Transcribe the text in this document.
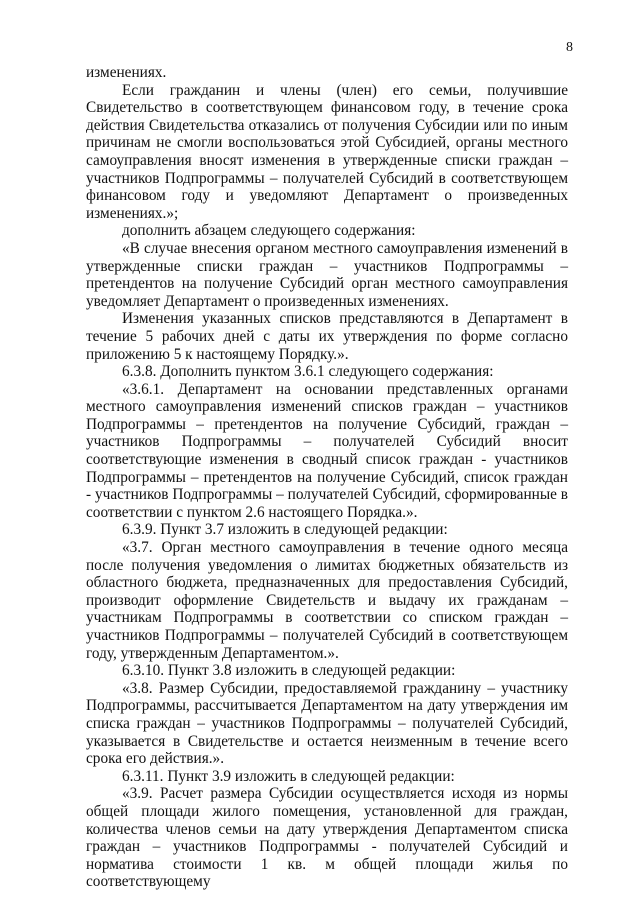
8

изменениях.

Если гражданин и члены (член) его семьи, получившие Свидетельство в соответствующем финансовом году, в течение срока действия Свидетельства отказались от получения Субсидии или по иным причинам не смогли воспользоваться этой Субсидией, органы местного самоуправления вносят изменения в утвержденные списки граждан – участников Подпрограммы – получателей Субсидий в соответствующем финансовом году и уведомляют Департамент о произведенных изменениях.»;

дополнить абзацем следующего содержания:

«В случае внесения органом местного самоуправления изменений в утвержденные списки граждан – участников Подпрограммы – претендентов на получение Субсидий орган местного самоуправления уведомляет Департамент о произведенных изменениях.

Изменения указанных списков представляются в Департамент в течение 5 рабочих дней с даты их утверждения по форме согласно приложению 5 к настоящему Порядку.».

6.3.8. Дополнить пунктом 3.6.1 следующего содержания:

«3.6.1. Департамент на основании представленных органами местного самоуправления изменений списков граждан – участников Подпрограммы – претендентов на получение Субсидий, граждан – участников Подпрограммы – получателей Субсидий вносит соответствующие изменения в сводный список граждан - участников Подпрограммы – претендентов на получение Субсидий, список граждан - участников Подпрограммы – получателей Субсидий, сформированные в соответствии с пунктом 2.6 настоящего Порядка.».

6.3.9. Пункт 3.7 изложить в следующей редакции:

«3.7. Орган местного самоуправления в течение одного месяца после получения уведомления о лимитах бюджетных обязательств из областного бюджета, предназначенных для предоставления Субсидий, производит оформление Свидетельств и выдачу их гражданам – участникам Подпрограммы в соответствии со списком граждан – участников Подпрограммы – получателей Субсидий в соответствующем году, утвержденным Департаментом.».

6.3.10. Пункт 3.8 изложить в следующей редакции:

«3.8. Размер Субсидии, предоставляемой гражданину – участнику Подпрограммы, рассчитывается Департаментом на дату утверждения им списка граждан – участников Подпрограммы – получателей Субсидий, указывается в Свидетельстве и остается неизменным в течение всего срока его действия.».

6.3.11. Пункт 3.9 изложить в следующей редакции:

«3.9. Расчет размера Субсидии осуществляется исходя из нормы общей площади жилого помещения, установленной для граждан, количества членов семьи на дату утверждения Департаментом списка граждан – участников Подпрограммы - получателей Субсидий и норматива стоимости 1 кв. м общей площади жилья по соответствующему
